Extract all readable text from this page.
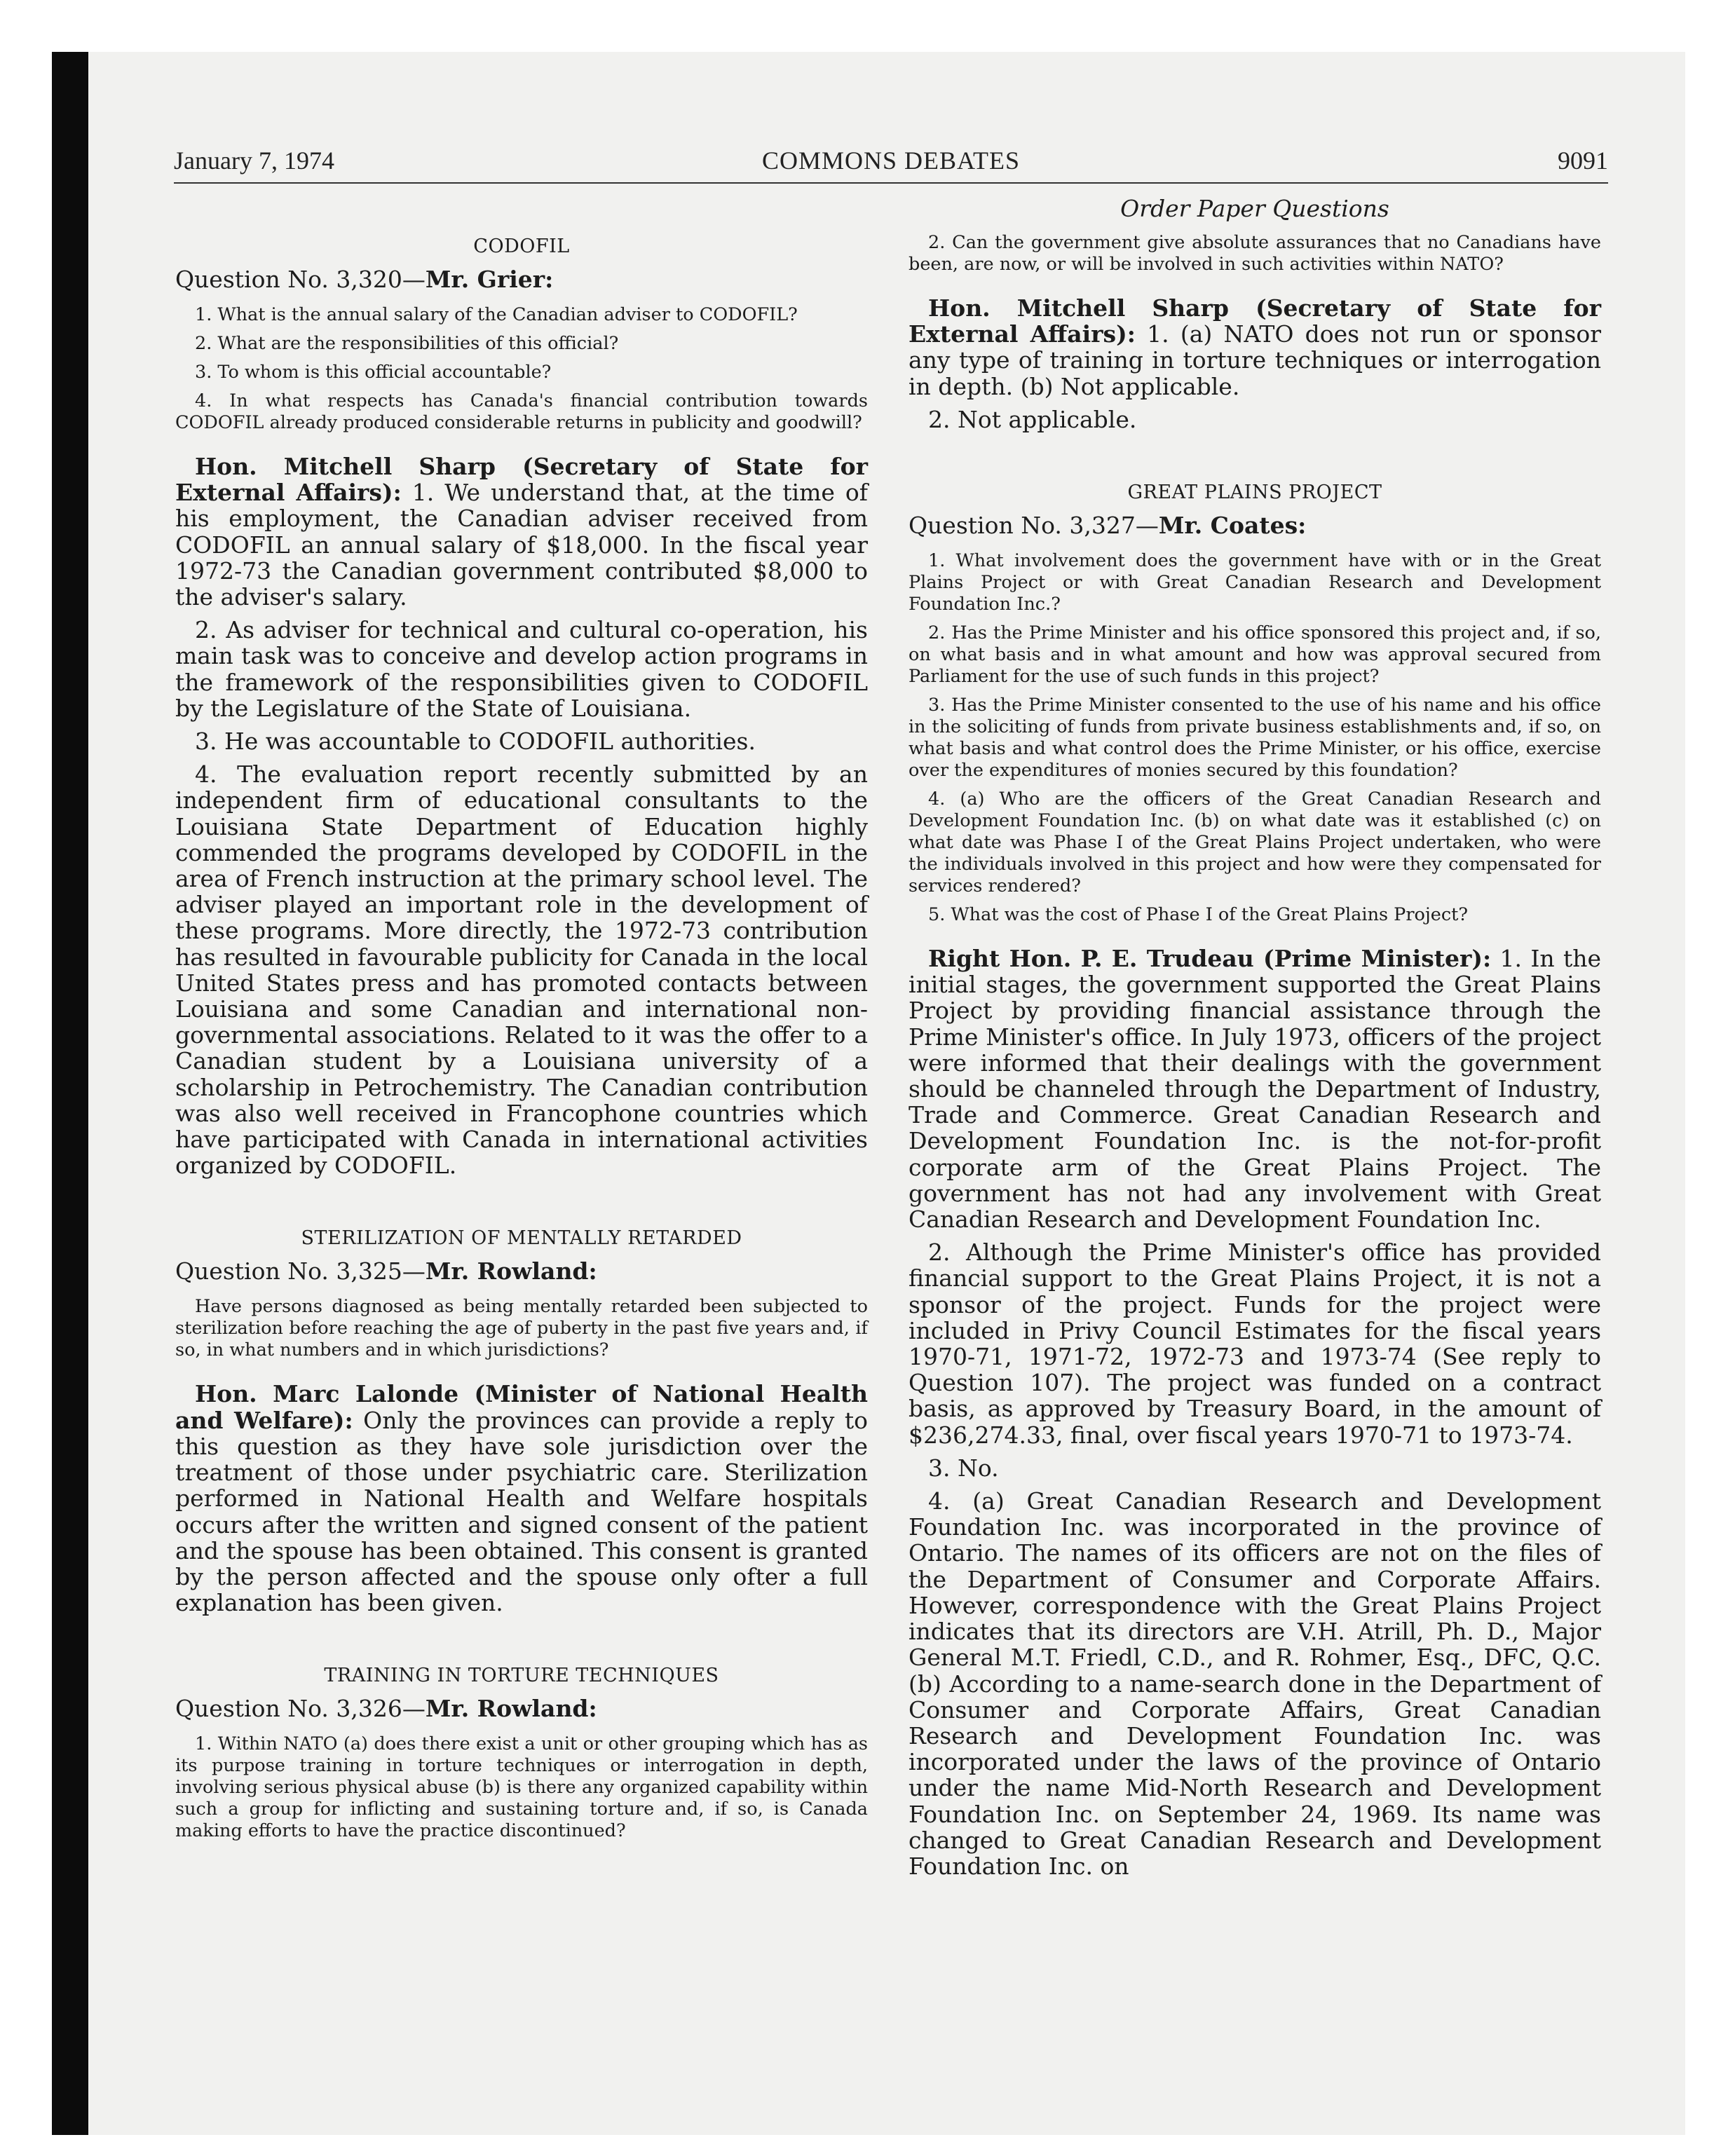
January 7, 1974	COMMONS DEBATES	9091

CODOFIL

Question No. 3,320—Mr. Grier:

1. What is the annual salary of the Canadian adviser to CODOFIL?

2. What are the responsibilities of this official?

3. To whom is this official accountable?

4. In what respects has Canada's financial contribution towards CODOFIL already produced considerable returns in publicity and goodwill?

Hon. Mitchell Sharp (Secretary of State for External Affairs): 1. We understand that, at the time of his employment, the Canadian adviser received from CODOFIL an annual salary of $18,000. In the fiscal year 1972-73 the Canadian government contributed $8,000 to the adviser's salary.

2. As adviser for technical and cultural co-operation, his main task was to conceive and develop action programs in the framework of the responsibilities given to CODOFIL by the Legislature of the State of Louisiana.

3. He was accountable to CODOFIL authorities.

4. The evaluation report recently submitted by an independent firm of educational consultants to the Louisiana State Department of Education highly commended the programs developed by CODOFIL in the area of French instruction at the primary school level. The adviser played an important role in the development of these programs. More directly, the 1972-73 contribution has resulted in favourable publicity for Canada in the local United States press and has promoted contacts between Louisiana and some Canadian and international non-governmental associations. Related to it was the offer to a Canadian student by a Louisiana university of a scholarship in Petrochemistry. The Canadian contribution was also well received in Francophone countries which have participated with Canada in international activities organized by CODOFIL.

STERILIZATION OF MENTALLY RETARDED

Question No. 3,325—Mr. Rowland:

Have persons diagnosed as being mentally retarded been subjected to sterilization before reaching the age of puberty in the past five years and, if so, in what numbers and in which jurisdictions?

Hon. Marc Lalonde (Minister of National Health and Welfare): Only the provinces can provide a reply to this question as they have sole jurisdiction over the treatment of those under psychiatric care. Sterilization performed in National Health and Welfare hospitals occurs after the written and signed consent of the patient and the spouse has been obtained. This consent is granted by the person affected and the spouse only ofter a full explanation has been given.

TRAINING IN TORTURE TECHNIQUES

Question No. 3,326—Mr. Rowland:

1. Within NATO (a) does there exist a unit or other grouping which has as its purpose training in torture techniques or interrogation in depth, involving serious physical abuse (b) is there any organized capability within such a group for inflicting and sustaining torture and, if so, is Canada making efforts to have the practice discontinued?

Order Paper Questions

2. Can the government give absolute assurances that no Canadians have been, are now, or will be involved in such activities within NATO?

Hon. Mitchell Sharp (Secretary of State for External Affairs): 1. (a) NATO does not run or sponsor any type of training in torture techniques or interrogation in depth. (b) Not applicable.

2. Not applicable.

GREAT PLAINS PROJECT

Question No. 3,327—Mr. Coates:

1. What involvement does the government have with or in the Great Plains Project or with Great Canadian Research and Development Foundation Inc.?

2. Has the Prime Minister and his office sponsored this project and, if so, on what basis and in what amount and how was approval secured from Parliament for the use of such funds in this project?

3. Has the Prime Minister consented to the use of his name and his office in the soliciting of funds from private business establishments and, if so, on what basis and what control does the Prime Minister, or his office, exercise over the expenditures of monies secured by this foundation?

4. (a) Who are the officers of the Great Canadian Research and Development Foundation Inc. (b) on what date was it established (c) on what date was Phase I of the Great Plains Project undertaken, who were the individuals involved in this project and how were they compensated for services rendered?

5. What was the cost of Phase I of the Great Plains Project?

Right Hon. P. E. Trudeau (Prime Minister): 1. In the initial stages, the government supported the Great Plains Project by providing financial assistance through the Prime Minister's office. In July 1973, officers of the project were informed that their dealings with the government should be channeled through the Department of Industry, Trade and Commerce. Great Canadian Research and Development Foundation Inc. is the not-for-profit corporate arm of the Great Plains Project. The government has not had any involvement with Great Canadian Research and Development Foundation Inc.

2. Although the Prime Minister's office has provided financial support to the Great Plains Project, it is not a sponsor of the project. Funds for the project were included in Privy Council Estimates for the fiscal years 1970-71, 1971-72, 1972-73 and 1973-74 (See reply to Question 107). The project was funded on a contract basis, as approved by Treasury Board, in the amount of $236,274.33, final, over fiscal years 1970-71 to 1973-74.

3. No.

4. (a) Great Canadian Research and Development Foundation Inc. was incorporated in the province of Ontario. The names of its officers are not on the files of the Department of Consumer and Corporate Affairs. However, correspondence with the Great Plains Project indicates that its directors are V.H. Atrill, Ph. D., Major General M.T. Friedl, C.D., and R. Rohmer, Esq., DFC, Q.C. (b) According to a name-search done in the Department of Consumer and Corporate Affairs, Great Canadian Research and Development Foundation Inc. was incorporated under the laws of the province of Ontario under the name Mid-North Research and Development Foundation Inc. on September 24, 1969. Its name was changed to Great Canadian Research and Development Foundation Inc. on
